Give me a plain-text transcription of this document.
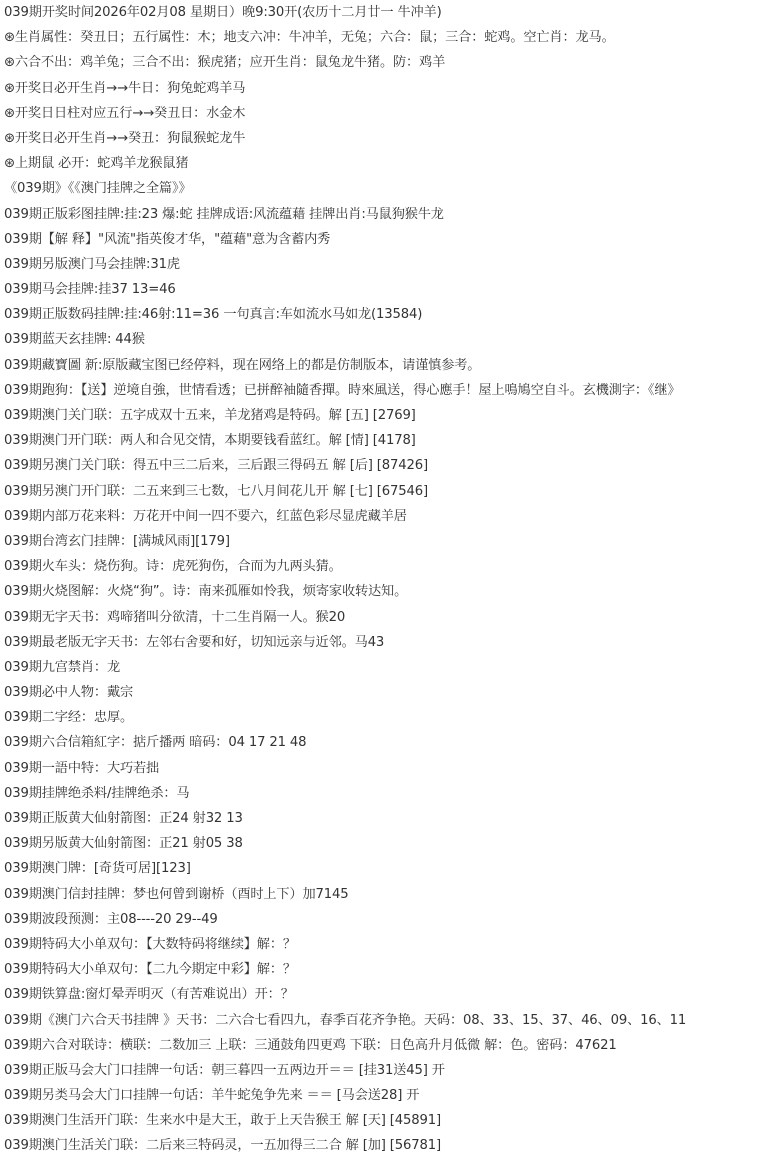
039期开奖时间2026年02月08 星期日）晚9:30开(农历十二月廿一 牛冲羊)
⊛生肖属性：癸丑日；五行属性：木；地支六冲：牛冲羊，无兔；六合：鼠；三合：蛇鸡。空亡肖：龙马。
⊛六合不出：鸡羊兔；三合不出：猴虎猪；应开生肖：鼠兔龙牛猪。防：鸡羊
⊛开奖日必开生肖→→牛日：狗兔蛇鸡羊马
⊛开奖日日柱对应五行→→癸丑日：水金木
⊛开奖日必开生肖→→癸丑：狗鼠猴蛇龙牛
⊛上期鼠 必开：蛇鸡羊龙猴鼠猪
《039期》《《澳门挂牌之全篇》》
039期正版彩图挂牌:挂:23 爆:蛇 挂牌成语:风流蕴藉 挂牌出肖:马鼠狗猴牛龙
039期【解 释】"风流"指英俊才华，"蕴藉"意为含蓄内秀
039期另版澳门马会挂牌:31虎
039期马会挂牌:挂37 13=46
039期正版数码挂牌:挂:46射:11=36 一句真言:车如流水马如龙(13584)
039期蓝天玄挂牌: 44猴
039期藏寶圖 新:原版藏宝图已经停料，现在网络上的都是仿制版本，请谨慎参考。
039期跑狗：【送】逆境自強，世情看透；已拼醉袖隨香撣。時來風送，得心應手！屋上鳴鳩空自斗。玄機測字：《继》
039期澳门关门联：五字成双十五来，羊龙猪鸡是特码。解 [五] [2769]
039期澳门开门联：两人和合见交情，本期要钱看蓝红。解 [情] [4178]
039期另澳门关门联：得五中三二后来，三后跟三得码五 解 [后] [87426]
039期另澳门开门联：二五来到三七数，七八月间花儿开 解 [七] [67546]
039期内部万花来料：万花开中间一四不要六，红蓝色彩尽显虎藏羊居
039期台湾玄门挂牌：[满城风雨][179]
039期火车头：烧伤狗。诗：虎死狗伤，合而为九两头猜。
039期火烧图解：火烧“狗”。诗：南来孤雁如怜我，烦寄家收转达知。
039期无字天书：鸡啼猪叫分欲清，十二生肖隔一人。猴20
039期最老版无字天书：左邻右舍要和好，切知远亲与近邻。马43
039期九宫禁肖：龙
039期必中人物：戴宗
039期二字经：忠厚。
039期六合信箱紅字：掂斤播两 暗码：04 17 21 48
039期一語中特：大巧若拙
039期挂牌绝杀料/挂牌绝杀：马
039期正版黄大仙射箭图：正24 射32 13
039期另版黄大仙射箭图：正21 射05 38
039期澳门牌：[奇货可居][123]
039期澳门信封挂牌：梦也何曾到谢桥（酉时上下）加7145
039期波段预测：主08----20 29--49
039期特码大小单双句：【大数特码将继续】解：？
039期特码大小单双句：【二九今期定中彩】解：？
039期铁算盘:窗灯晕弄明灭（有苦难说出）开：？
039期《澳门六合天书挂牌 》天书：二六合七看四九，春季百花齐争艳。天码：08、33、15、37、46、09、16、11
039期六合对联诗：横联：二数加三 上联：三通鼓角四更鸡 下联：日色高升月低微 解：色。密码：47621
039期正版马会大门口挂牌一句话：朝三暮四一五两边开＝＝ [挂31送45] 开
039期另类马会大门口挂牌一句话：羊牛蛇兔争先来 ＝＝ [马会送28] 开
039期澳门生活开门联：生来水中是大王，敢于上天告猴王 解 [天] [45891]
039期澳门生活关门联：二后来三特码灵，一五加得三二合 解 [加] [56781]
